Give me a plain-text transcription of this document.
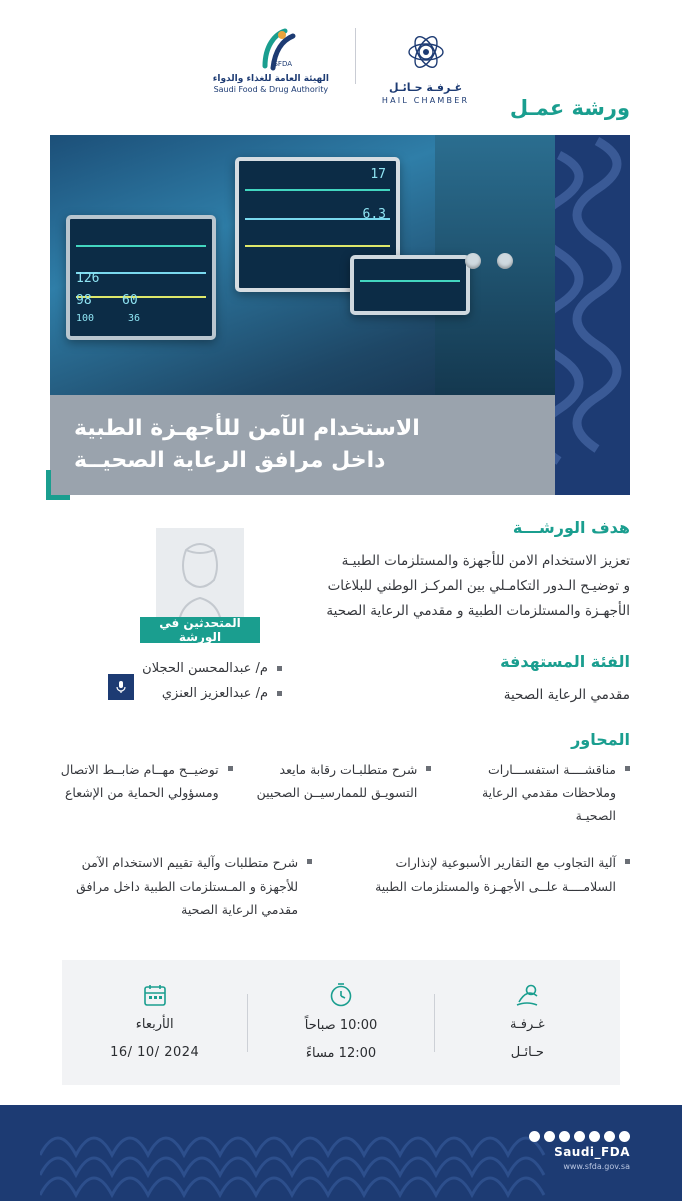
غـرفـة حـائـل
HAIL CHAMBER
SFDA
الهيئة العامة للغذاء والدواء
Saudi Food & Drug Authority
ورشة عمـل
126
98 60
100	36
17
6.3
الاستخدام الآمن للأجهـزة الطبية
داخل مرافق الرعاية الصحيــة
هدف الورشـــة
تعزيز الاستخدام الامن للأجهزة والمستلزمات الطبيـة
و توضيـح الـدور التكامـلي بين المركـز الوطني للبلاغات
الأجهـزة والمستلزمات الطبية و مقدمي الرعاية الصحية
الفئة المستهدفة
مقدمي الرعاية الصحية
المتحدثين في الورشة
م/ عبدالمحسن الحجلان
م/ عبدالعزيز العنزي
المحاور
مناقشــــة استفســـارات وملاحظات مقدمي الرعاية الصحيـة
شرح متطلبـات رقابة مايعد التسويـق للممارسيــن الصحيين
توضيــح مهــام ضابــط الاتصال ومسؤولي الحماية من الإشعاع
آلية التجاوب مع التقارير الأسبوعية لإنذارات السلامــــة علــى الأجهـزة والمستلزمات الطبية
شرح متطلبات وآلية تقييم الاستخدام الآمن للأجهزة و المـستلزمات الطبية داخل مرافق مقدمي الرعاية الصحية
غـرفـة
حـائـل
10:00 صباحاً
12:00 مساءً
الأربعاء
2024 /10 /16
Saudi_FDA
www.sfda.gov.sa
